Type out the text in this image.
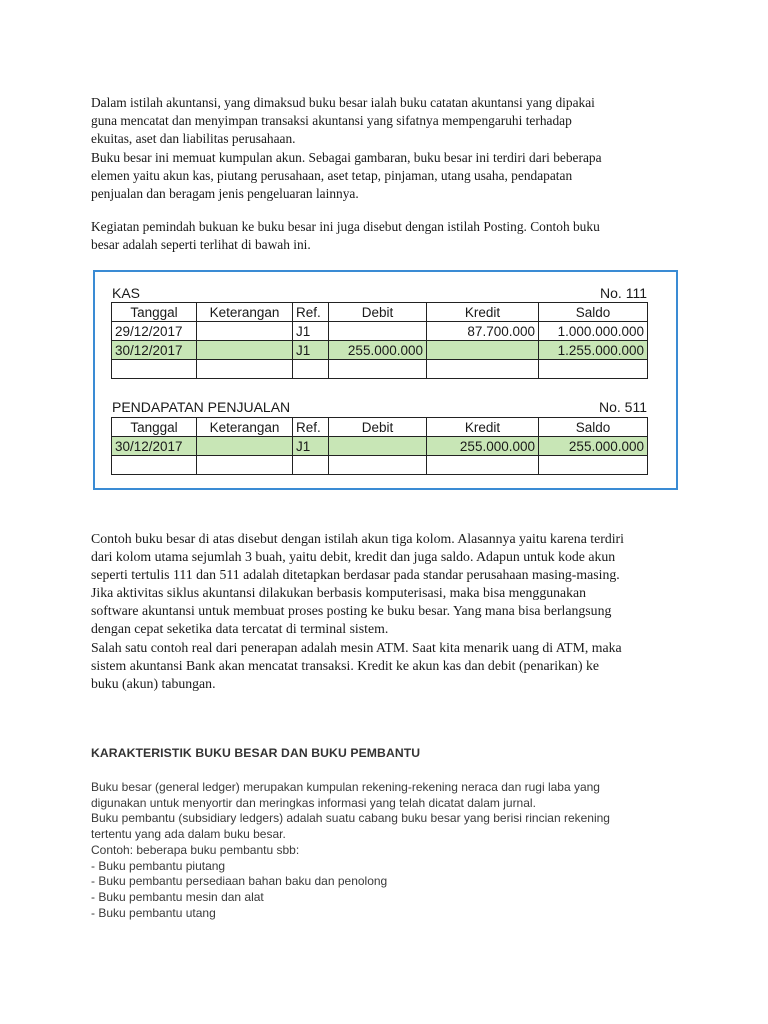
Dalam istilah akuntansi, yang dimaksud buku besar ialah buku catatan akuntansi yang dipakai
guna mencatat dan menyimpan transaksi akuntansi yang sifatnya mempengaruhi terhadap
ekuitas, aset dan liabilitas perusahaan.

Buku besar ini memuat kumpulan akun. Sebagai gambaran, buku besar ini terdiri dari beberapa
elemen yaitu akun kas, piutang perusahaan, aset tetap, pinjaman, utang usaha, pendapatan
penjualan dan beragam jenis pengeluaran lainnya.

Kegiatan pemindah bukuan ke buku besar ini juga disebut dengan istilah Posting. Contoh buku
besar adalah seperti terlihat di bawah ini.

KAS	No. 111
Tanggal	Keterangan	Ref.	Debit	Kredit	Saldo
29/12/2017		J1		87.700.000	1.000.000.000
30/12/2017		J1	255.000.000		1.255.000.000

PENDAPATAN PENJUALAN	No. 511
Tanggal	Keterangan	Ref.	Debit	Kredit	Saldo
30/12/2017		J1		255.000.000	255.000.000

Contoh buku besar di atas disebut dengan istilah akun tiga kolom. Alasannya yaitu karena terdiri
dari kolom utama sejumlah 3 buah, yaitu debit, kredit dan juga saldo. Adapun untuk kode akun
seperti tertulis 111 dan 511 adalah ditetapkan berdasar pada standar perusahaan masing-masing.
Jika aktivitas siklus akuntansi dilakukan berbasis komputerisasi, maka bisa menggunakan
software akuntansi untuk membuat proses posting ke buku besar. Yang mana bisa berlangsung
dengan cepat seketika data tercatat di terminal sistem.
Salah satu contoh real dari penerapan adalah mesin ATM. Saat kita menarik uang di ATM, maka
sistem akuntansi Bank akan mencatat transaksi. Kredit ke akun kas dan debit (penarikan) ke
buku (akun) tabungan.

KARAKTERISTIK BUKU BESAR DAN BUKU PEMBANTU

Buku besar (general ledger) merupakan kumpulan rekening-rekening neraca dan rugi laba yang
digunakan untuk menyortir dan meringkas informasi yang telah dicatat dalam jurnal.
Buku pembantu (subsidiary ledgers) adalah suatu cabang buku besar yang berisi rincian rekening
tertentu yang ada dalam buku besar.
Contoh: beberapa buku pembantu sbb:
- Buku pembantu piutang
- Buku pembantu persediaan bahan baku dan penolong
- Buku pembantu mesin dan alat
- Buku pembantu utang
